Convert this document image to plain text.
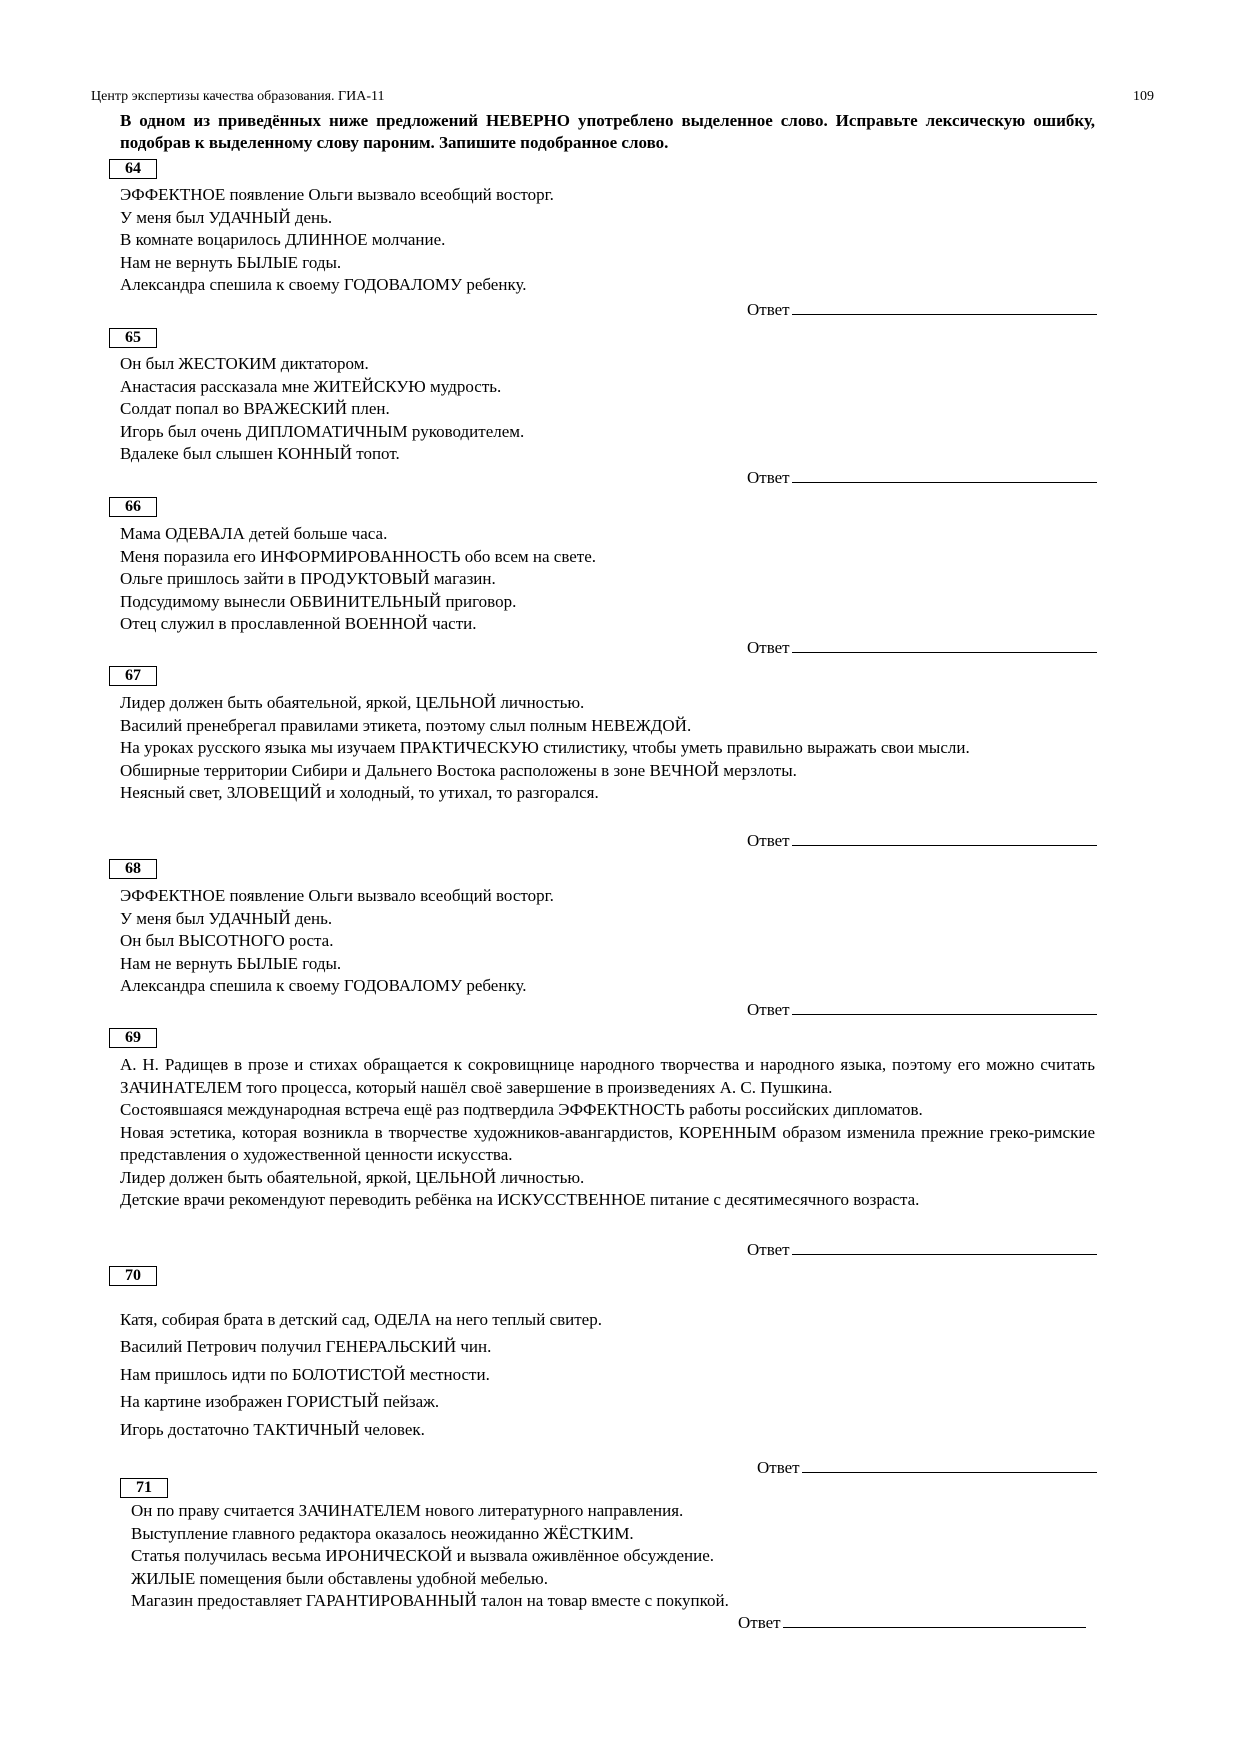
Центр экспертизы качества образования. ГИА-11	109
В одном из приведённых ниже предложений НЕВЕРНО употреблено выделенное слово. Исправьте лексическую ошибку, подобрав к выделенному слову пароним. Запишите подобранное слово.
64

ЭФФЕКТНОЕ появление Ольги вызвало всеобщий восторг.

У меня был УДАЧНЫЙ день.

В комнате воцарилось ДЛИННОЕ молчание.

Нам не вернуть БЫЛЫЕ годы.

Александра спешила к своему ГОДОВАЛОМУ ребенку.

Ответ
65

Он был ЖЕСТОКИМ диктатором.

Анастасия рассказала мне ЖИТЕЙСКУЮ мудрость.

Солдат попал во ВРАЖЕСКИЙ плен.

Игорь был очень ДИПЛОМАТИЧНЫМ руководителем.

Вдалеке был слышен КОННЫЙ топот.

Ответ
66

Мама ОДЕВАЛА детей больше часа.

Меня поразила его ИНФОРМИРОВАННОСТЬ обо всем на свете.

Ольге пришлось зайти в ПРОДУКТОВЫЙ магазин.

Подсудимому вынесли ОБВИНИТЕЛЬНЫЙ приговор.

Отец служил в прославленной ВОЕННОЙ части.

Ответ
67

Лидер должен быть обаятельной, яркой, ЦЕЛЬНОЙ личностью.

Василий пренебрегал правилами этикета, поэтому слыл полным НЕВЕЖДОЙ.

На уроках русского языка мы изучаем ПРАКТИЧЕСКУЮ стилистику, чтобы уметь правильно выражать свои мысли.

Обширные территории Сибири и Дальнего Востока расположены в зоне ВЕЧНОЙ мерзлоты.

Неясный свет, ЗЛОВЕЩИЙ и холодный, то утихал, то разгорался.

Ответ
68

ЭФФЕКТНОЕ появление Ольги вызвало всеобщий восторг.

У меня был УДАЧНЫЙ день.

Он был ВЫСОТНОГО роста.

Нам не вернуть БЫЛЫЕ годы.

Александра спешила к своему ГОДОВАЛОМУ ребенку.

Ответ
69

А. Н. Радищев в прозе и стихах обращается к сокровищнице народного творчества и народного языка, поэтому его можно считать ЗАЧИНАТЕЛЕМ того процесса, который нашёл своё завершение в произведениях А. С. Пушкина.

Состоявшаяся международная встреча ещё раз подтвердила ЭФФЕКТНОСТЬ работы российских дипломатов.

Новая эстетика, которая возникла в творчестве художников-авангардистов, КОРЕННЫМ образом изменила прежние греко-римские представления о художественной ценности искусства.

Лидер должен быть обаятельной, яркой, ЦЕЛЬНОЙ личностью.

Детские врачи рекомендуют переводить ребёнка на ИСКУССТВЕННОЕ питание с десятимесячного возраста.

Ответ
70

Катя, собирая брата в детский сад, ОДЕЛА на него теплый свитер.

Василий Петрович получил ГЕНЕРАЛЬСКИЙ чин.

Нам пришлось идти по БОЛОТИСТОЙ местности.

На картине изображен ГОРИСТЫЙ пейзаж.

Игорь достаточно ТАКТИЧНЫЙ человек.

Ответ
71

Он по праву считается ЗАЧИНАТЕЛЕМ нового литературного направления.

Выступление главного редактора оказалось неожиданно ЖЁСТКИМ.

Статья получилась весьма ИРОНИЧЕСКОЙ и вызвала оживлённое обсуждение.

ЖИЛЫЕ помещения были обставлены удобной мебелью.

Магазин предоставляет ГАРАНТИРОВАННЫЙ талон на товар вместе с покупкой.

Ответ
